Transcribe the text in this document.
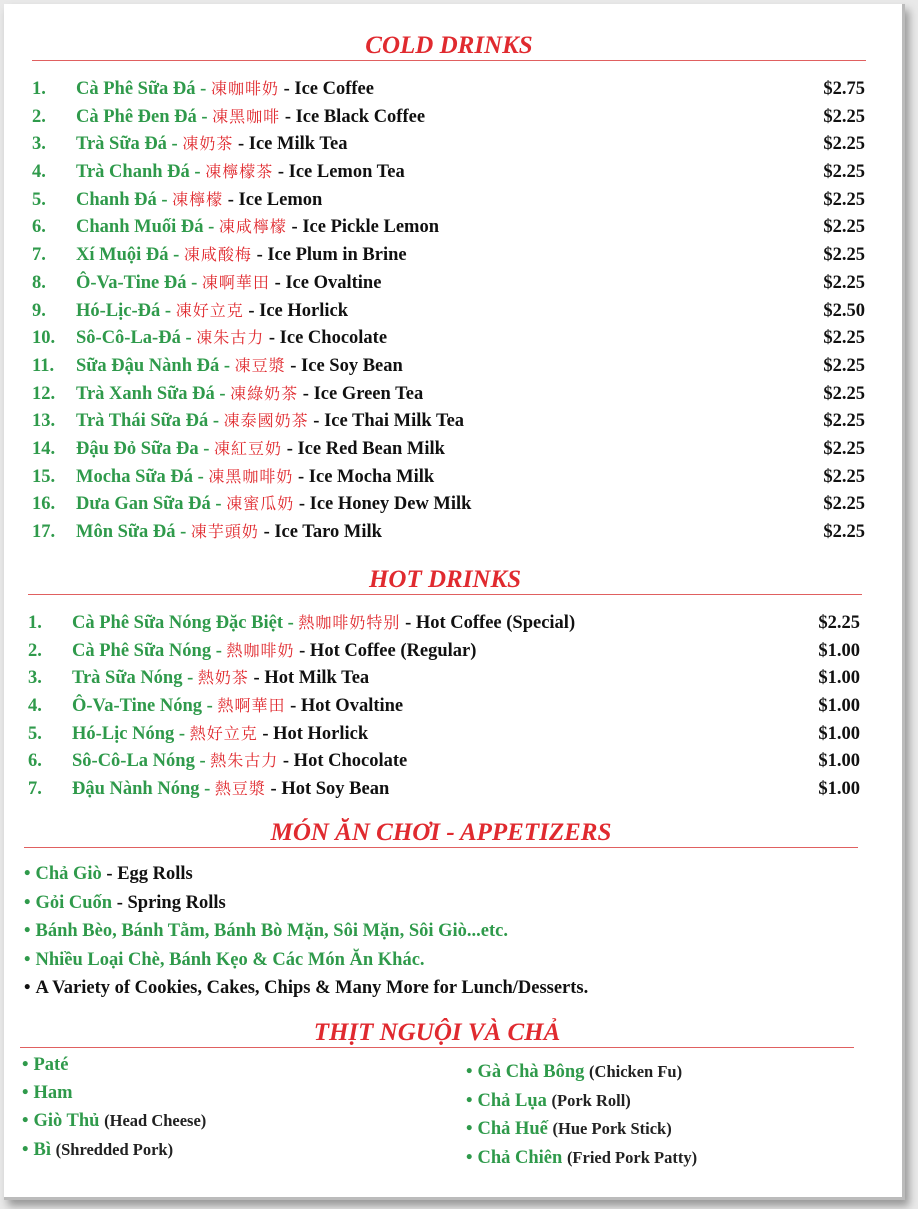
COLD DRINKS
1. Cà Phê Sữa Đá - 凍咖啡奶 - Ice Coffee	$2.75
2. Cà Phê Đen Đá - 凍黑咖啡 - Ice Black Coffee	$2.25
3. Trà Sữa Đá - 凍奶茶 - Ice Milk Tea	$2.25
4. Trà Chanh Đá - 凍檸檬茶 - Ice Lemon Tea	$2.25
5. Chanh Đá - 凍檸檬 - Ice Lemon	$2.25
6. Chanh Muối Đá - 凍咸檸檬 - Ice Pickle Lemon	$2.25
7. Xí Muội Đá - 凍咸酸梅 - Ice Plum in Brine	$2.25
8. Ô-Va-Tine Đá - 凍啊華田 - Ice Ovaltine	$2.25
9. Hó-Lịc-Đá - 凍好立克 - Ice Horlick	$2.50
10. Sô-Cô-La-Đá - 凍朱古力 - Ice Chocolate	$2.25
11. Sữa Đậu Nành Đá - 凍豆漿 - Ice Soy Bean	$2.25
12. Trà Xanh Sữa Đá - 凍綠奶茶 - Ice Green Tea	$2.25
13. Trà Thái Sữa Đá - 凍泰國奶茶 - Ice Thai Milk Tea	$2.25
14. Đậu Đỏ Sữa Đa - 凍紅豆奶 - Ice Red Bean Milk	$2.25
15. Mocha Sữa Đá - 凍黑咖啡奶 - Ice Mocha Milk	$2.25
16. Dưa Gan Sữa Đá - 凍蜜瓜奶 - Ice Honey Dew Milk	$2.25
17. Môn Sữa Đá - 凍芋頭奶 - Ice Taro Milk	$2.25
HOT DRINKS
1. Cà Phê Sữa Nóng Đặc Biệt - 熱咖啡奶特别 - Hot Coffee (Special)	$2.25
2. Cà Phê Sữa Nóng - 熱咖啡奶 - Hot Coffee (Regular)	$1.00
3. Trà Sữa Nóng - 熱奶茶 - Hot Milk Tea	$1.00
4. Ô-Va-Tine Nóng - 熱啊華田 - Hot Ovaltine	$1.00
5. Hó-Lịc Nóng - 熱好立克 - Hot Horlick	$1.00
6. Sô-Cô-La Nóng - 熱朱古力 - Hot Chocolate	$1.00
7. Đậu Nành Nóng - 熱豆漿 - Hot Soy Bean	$1.00
MÓN ĂN CHƠI - APPETIZERS
• Chả Giò - Egg Rolls
• Gỏi Cuốn - Spring Rolls
• Bánh Bèo, Bánh Tằm, Bánh Bò Mặn, Sôi Mặn, Sôi Giò...etc.
• Nhiều Loại Chè, Bánh Kẹo & Các Món Ăn Khác.
• A Variety of Cookies, Cakes, Chips & Many More for Lunch/Desserts.
THỊT NGUỘI VÀ CHẢ
• Paté
• Ham
• Giò Thủ (Head Cheese)
• Bì (Shredded Pork)
• Gà Chà Bông (Chicken Fu)
• Chả Lụa (Pork Roll)
• Chả Huế (Hue Pork Stick)
• Chả Chiên (Fried Pork Patty)
